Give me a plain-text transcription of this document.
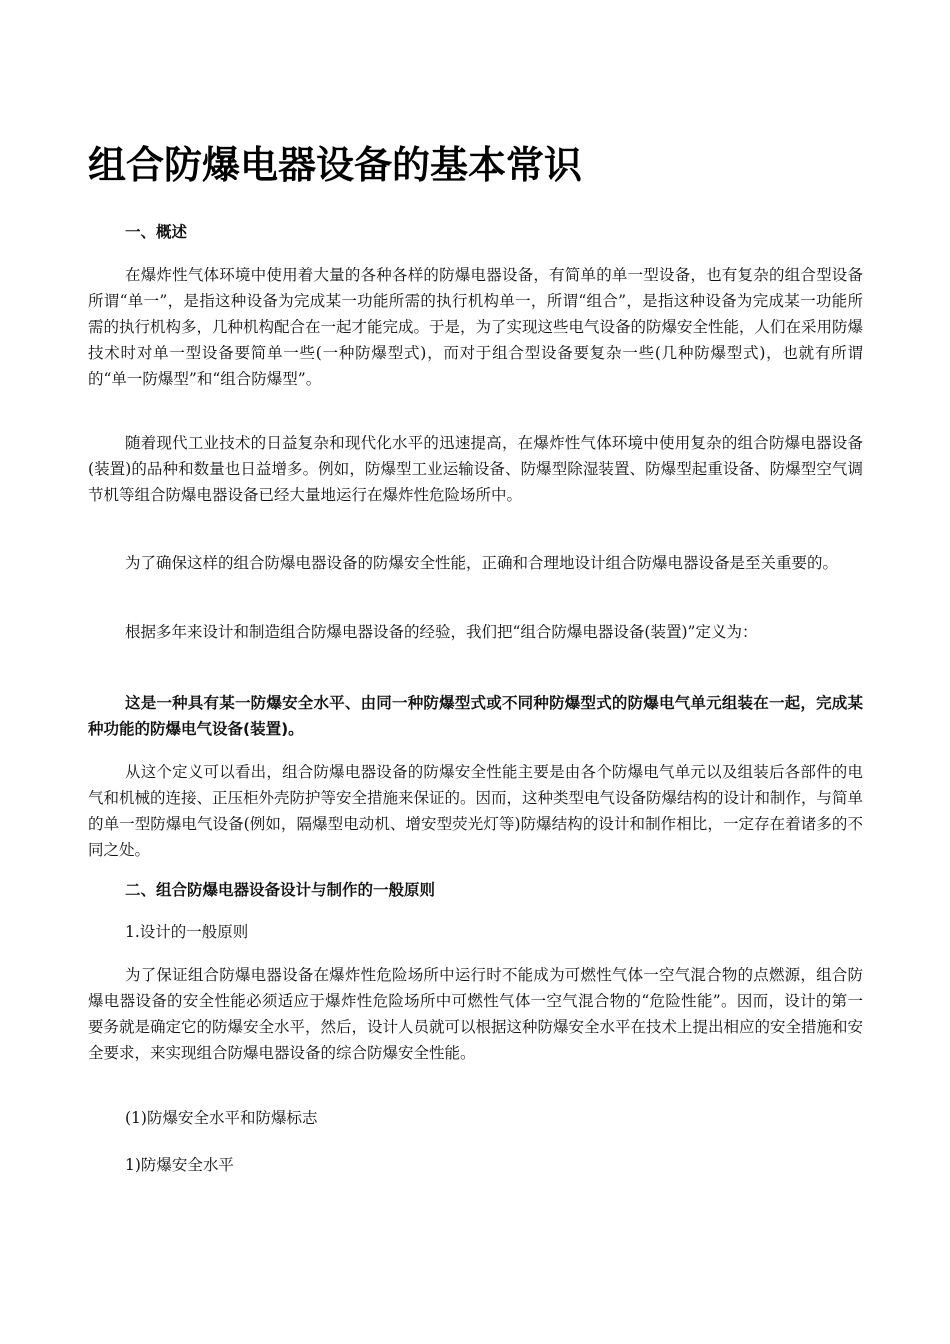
组合防爆电器设备的基本常识
一、概述

在爆炸性气体环境中使用着大量的各种各样的防爆电器设备，有简单的单一型设备，也有复杂的组合型设备所谓“单一”，是指这种设备为完成某一功能所需的执行机构单一，所谓“组合”，是指这种设备为完成某一功能所需的执行机构多，几种机构配合在一起才能完成。于是，为了实现这些电气设备的防爆安全性能，人们在采用防爆技术时对单一型设备要简单一些(一种防爆型式)，而对于组合型设备要复杂一些(几种防爆型式)，也就有所谓的“单一防爆型”和“组合防爆型”。

随着现代工业技术的日益复杂和现代化水平的迅速提高，在爆炸性气体环境中使用复杂的组合防爆电器设备(装置)的品种和数量也日益增多。例如，防爆型工业运输设备、防爆型除湿装置、防爆型起重设备、防爆型空气调节机等组合防爆电器设备已经大量地运行在爆炸性危险场所中。

为了确保这样的组合防爆电器设备的防爆安全性能，正确和合理地设计组合防爆电器设备是至关重要的。

根据多年来设计和制造组合防爆电器设备的经验，我们把“组合防爆电器设备(装置)”定义为：

这是一种具有某一防爆安全水平、由同一种防爆型式或不同种防爆型式的防爆电气单元组装在一起，完成某种功能的防爆电气设备(装置)。

从这个定义可以看出，组合防爆电器设备的防爆安全性能主要是由各个防爆电气单元以及组装后各部件的电气和机械的连接、正压柜外壳防护等安全措施来保证的。因而，这种类型电气设备防爆结构的设计和制作，与简单的单一型防爆电气设备(例如，隔爆型电动机、增安型荧光灯等)防爆结构的设计和制作相比，一定存在着诸多的不同之处。

二、组合防爆电器设备设计与制作的一般原则
1.设计的一般原则

为了保证组合防爆电器设备在爆炸性危险场所中运行时不能成为可燃性气体一空气混合物的点燃源，组合防爆电器设备的安全性能必须适应于爆炸性危险场所中可燃性气体一空气混合物的“危险性能”。因而，设计的第一要务就是确定它的防爆安全水平，然后，设计人员就可以根据这种防爆安全水平在技术上提出相应的安全措施和安全要求，来实现组合防爆电器设备的综合防爆安全性能。

(1)防爆安全水平和防爆标志
1)防爆安全水平
